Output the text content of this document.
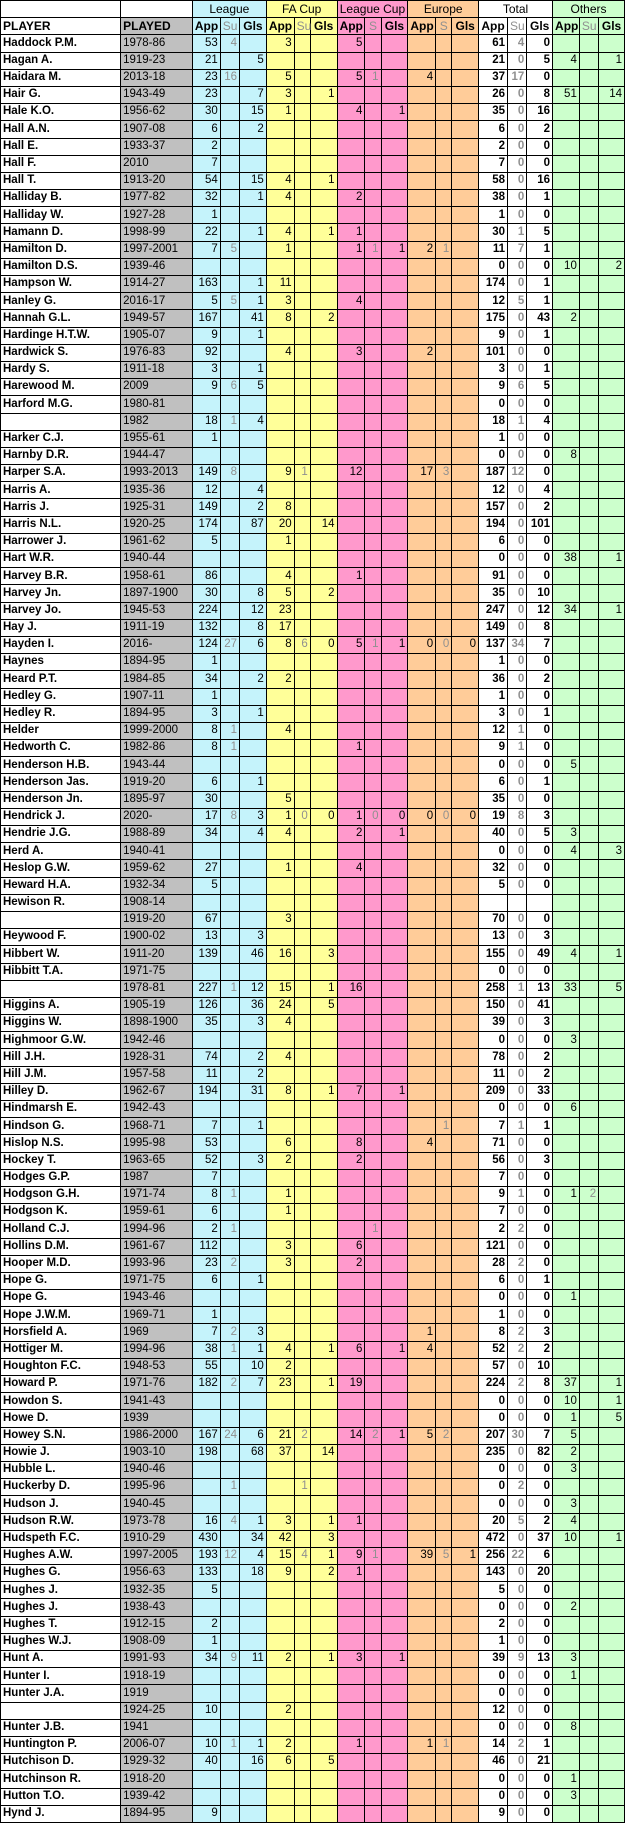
		League			FA Cup			League Cup			Europe			Total			Others		
PLAYER	PLAYED	App	Su	Gls	App	Su	Gls	App	S	Gls	App	S	Gls	App	Su	Gls	App	Su	Gls
Haddock P.M.	1978-86	53	4		3			5						61	4	0			
Hagan A.	1919-23	21		5										21	0	5	4		1
Haidara M.	2013-18	23	16		5			5	1		4			37	17	0			
Hair G.	1943-49	23		7	3		1							26	0	8	51		14
Hale K.O.	1956-62	30		15	1			4		1				35	0	16			
Hall A.N.	1907-08	6		2										6	0	2			
Hall E.	1933-37	2												2	0	0			
Hall F.	2010	7												7	0	0			
Hall T.	1913-20	54		15	4		1							58	0	16			
Halliday B.	1977-82	32		1	4			2						38	0	1			
Halliday W.	1927-28	1												1	0	0			
Hamann D.	1998-99	22		1	4		1	1						30	1	5			
Hamilton D.	1997-2001	7	5		1			1	1	1	2	1		11	7	1			
Hamilton D.S.	1939-46													0	0	0	10		2
Hampson W.	1914-27	163		1	11									174	0	1			
Hanley G.	2016-17	5	5	1	3			4						12	5	1			
Hannah G.L.	1949-57	167		41	8		2							175	0	43	2		
Hardinge H.T.W.	1905-07	9		1										9	0	1			
Hardwick S.	1976-83	92			4			3			2			101	0	0			
Hardy S.	1911-18	3		1										3	0	1			
Harewood M.	2009	9	6	5										9	6	5			
Harford M.G.	1980-81													0	0	0			
	1982	18	1	4										18	1	4			
Harker C.J.	1955-61	1												1	0	0			
Harnby D.R.	1944-47													0	0	0	8		
Harper S.A.	1993-2013	149	8		9	1		12			17	3		187	12	0			
Harris A.	1935-36	12		4										12	0	4			
Harris J.	1925-31	149		2	8									157	0	2			
Harris N.L.	1920-25	174		87	20		14							194	0	101			
Harrower J.	1961-62	5			1									6	0	0			
Hart W.R.	1940-44													0	0	0	38		1
Harvey B.R.	1958-61	86			4			1						91	0	0			
Harvey Jn.	1897-1900	30		8	5		2							35	0	10			
Harvey Jo.	1945-53	224		12	23									247	0	12	34		1
Hay J.	1911-19	132		8	17									149	0	8			
Hayden I.	2016-	124	27	6	8	6	0	5	1	1	0	0	0	137	34	7			
Haynes	1894-95	1												1	0	0			
Heard P.T.	1984-85	34		2	2									36	0	2			
Hedley G.	1907-11	1												1	0	0			
Hedley R.	1894-95	3		1										3	0	1			
Helder	1999-2000	8	1		4									12	1	0			
Hedworth C.	1982-86	8	1					1						9	1	0			
Henderson H.B.	1943-44													0	0	0	5		
Henderson Jas.	1919-20	6		1										6	0	1			
Henderson Jn.	1895-97	30			5									35	0	0			
Hendrick J.	2020-	17	8	3	1	0	0	1	0	0	0	0	0	19	8	3			
Hendrie J.G.	1988-89	34		4	4			2		1				40	0	5	3		
Herd A.	1940-41													0	0	0	4		3
Heslop G.W.	1959-62	27			1			4						32	0	0			
Heward H.A.	1932-34	5												5	0	0			
Hewison R.	1908-14																		
	1919-20	67			3									70	0	0			
Heywood F.	1900-02	13		3										13	0	3			
Hibbert W.	1911-20	139		46	16		3							155	0	49	4		1
Hibbitt T.A.	1971-75													0	0	0			
	1978-81	227	1	12	15		1	16						258	1	13	33		5
Higgins A.	1905-19	126		36	24		5							150	0	41			
Higgins W.	1898-1900	35		3	4									39	0	3			
Highmoor G.W.	1942-46													0	0	0	3		
Hill J.H.	1928-31	74		2	4									78	0	2			
Hill J.M.	1957-58	11		2										11	0	2			
Hilley D.	1962-67	194		31	8		1	7		1				209	0	33			
Hindmarsh E.	1942-43													0	0	0	6		
Hindson G.	1968-71	7		1								1		7	1	1			
Hislop N.S.	1995-98	53			6			8			4			71	0	0			
Hockey T.	1963-65	52		3	2			2						56	0	3			
Hodges G.P.	1987	7												7	0	0			
Hodgson G.H.	1971-74	8	1		1									9	1	0	1	2	
Hodgson K.	1959-61	6			1									7	0	0			
Holland C.J.	1994-96	2	1						1					2	2	0			
Hollins D.M.	1961-67	112			3			6						121	0	0			
Hooper M.D.	1993-96	23	2		3			2						28	2	0			
Hope G.	1971-75	6		1										6	0	1			
Hope G.	1943-46													0	0	0	1		
Hope J.W.M.	1969-71	1												1	0	0			
Horsfield A.	1969	7	2	3							1			8	2	3			
Hottiger M.	1994-96	38	1	1	4		1	6		1	4			52	2	2			
Houghton F.C.	1948-53	55		10	2									57	0	10			
Howard P.	1971-76	182	2	7	23		1	19						224	2	8	37		1
Howdon S.	1941-43													0	0	0	10		1
Howe D.	1939													0	0	0	1		5
Howey S.N.	1986-2000	167	24	6	21	2		14	2	1	5	2		207	30	7	5		
Howie J.	1903-10	198		68	37		14							235	0	82	2		
Hubble L.	1940-46													0	0	0	3		
Huckerby D.	1995-96		1			1								0	2	0			
Hudson J.	1940-45													0	0	0	3		
Hudson R.W.	1973-78	16	4	1	3		1	1						20	5	2	4		
Hudspeth F.C.	1910-29	430		34	42		3							472	0	37	10		1
Hughes A.W.	1997-2005	193	12	4	15	4	1	9	1		39	5	1	256	22	6			
Hughes G.	1956-63	133		18	9		2	1						143	0	20			
Hughes J.	1932-35	5												5	0	0			
Hughes J.	1938-43													0	0	0	2		
Hughes T.	1912-15	2												2	0	0			
Hughes W.J.	1908-09	1												1	0	0			
Hunt A.	1991-93	34	9	11	2		1	3		1				39	9	13	3		
Hunter I.	1918-19													0	0	0	1		
Hunter J.A.	1919													0	0	0			
	1924-25	10			2									12	0	0			
Hunter J.B.	1941													0	0	0	8		
Huntington P.	2006-07	10	1	1	2			1			1	1		14	2	1			
Hutchison D.	1929-32	40		16	6		5							46	0	21			
Hutchinson R.	1918-20													0	0	0	1		
Hutton T.O.	1939-42													0	0	0	3		
Hynd J.	1894-95	9												9	0	0			
